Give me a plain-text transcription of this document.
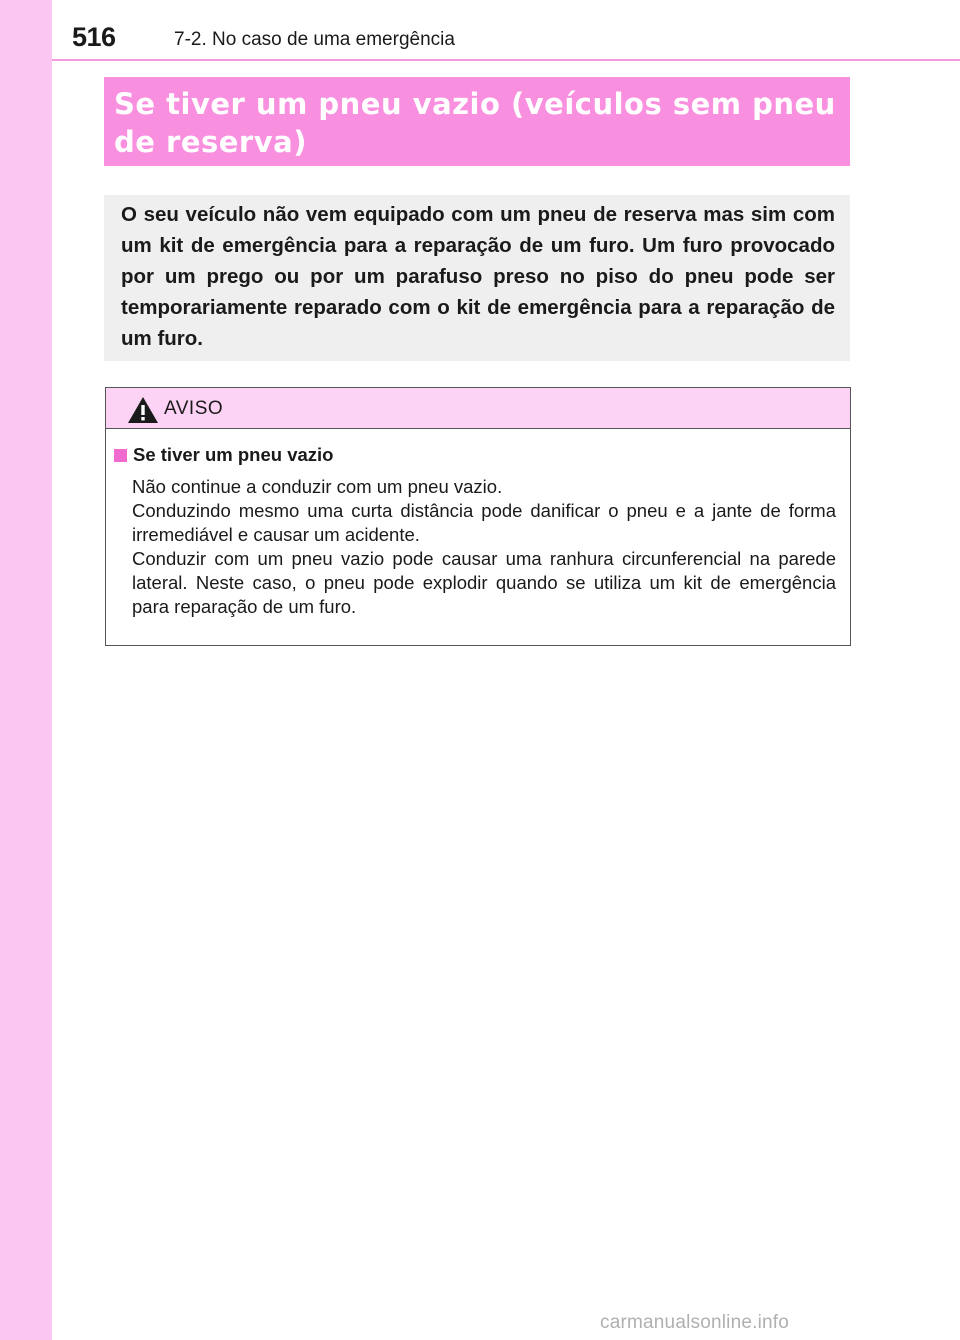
516	7-2. No caso de uma emergência
Se tiver um pneu vazio (veículos sem pneu de reserva)
O seu veículo não vem equipado com um pneu de reserva mas sim com um kit de emergência para a reparação de um furo. Um furo provocado por um prego ou por um parafuso preso no piso do pneu pode ser temporariamente reparado com o kit de emergência para a reparação de um furo.
AVISO
Se tiver um pneu vazio

Não continue a conduzir com um pneu vazio.

Conduzindo mesmo uma curta distância pode danificar o pneu e a jante de forma irremediável e causar um acidente.

Conduzir com um pneu vazio pode causar uma ranhura circunferencial na parede lateral. Neste caso, o pneu pode explodir quando se utiliza um kit de emergência para reparação de um furo.

carmanualsonline.info
